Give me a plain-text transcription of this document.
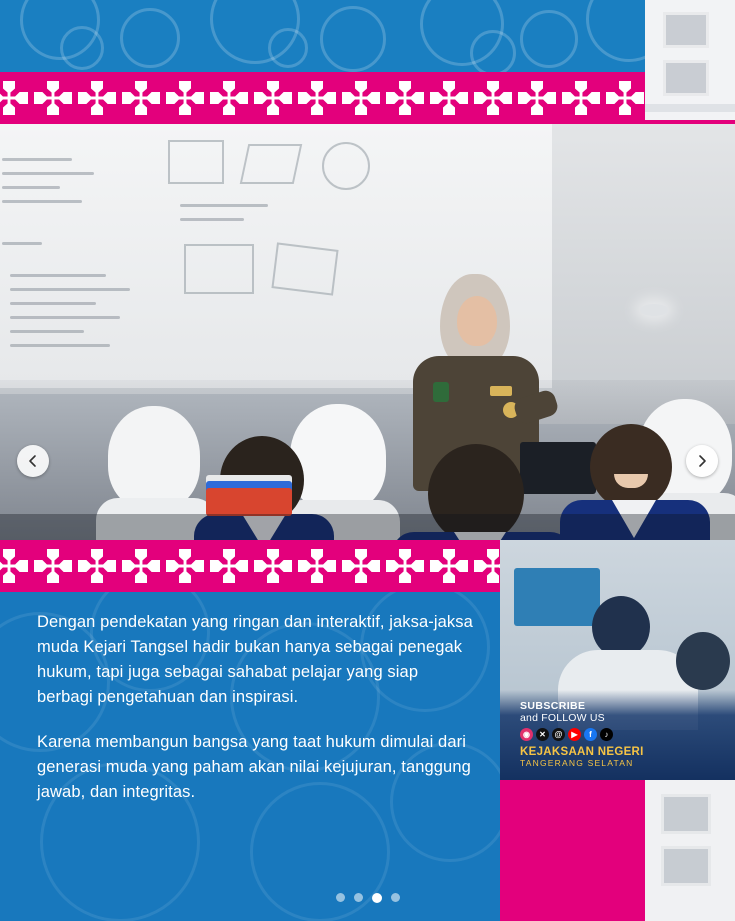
Dengan pendekatan yang ringan dan interaktif, jaksa-jaksa muda Kejari Tangsel hadir bukan hanya sebagai penegak hukum, tapi juga sebagai sahabat pelajar yang siap berbagi pengetahuan dan inspirasi.

Karena membangun bangsa yang taat hukum dimulai dari generasi muda yang paham akan nilai kejujuran, tanggung jawab, dan integritas.

SUBSCRIBE
and FOLLOW US
◉	✕	@	▶	f	♪
KEJAKSAAN NEGERI
TANGERANG SELATAN
